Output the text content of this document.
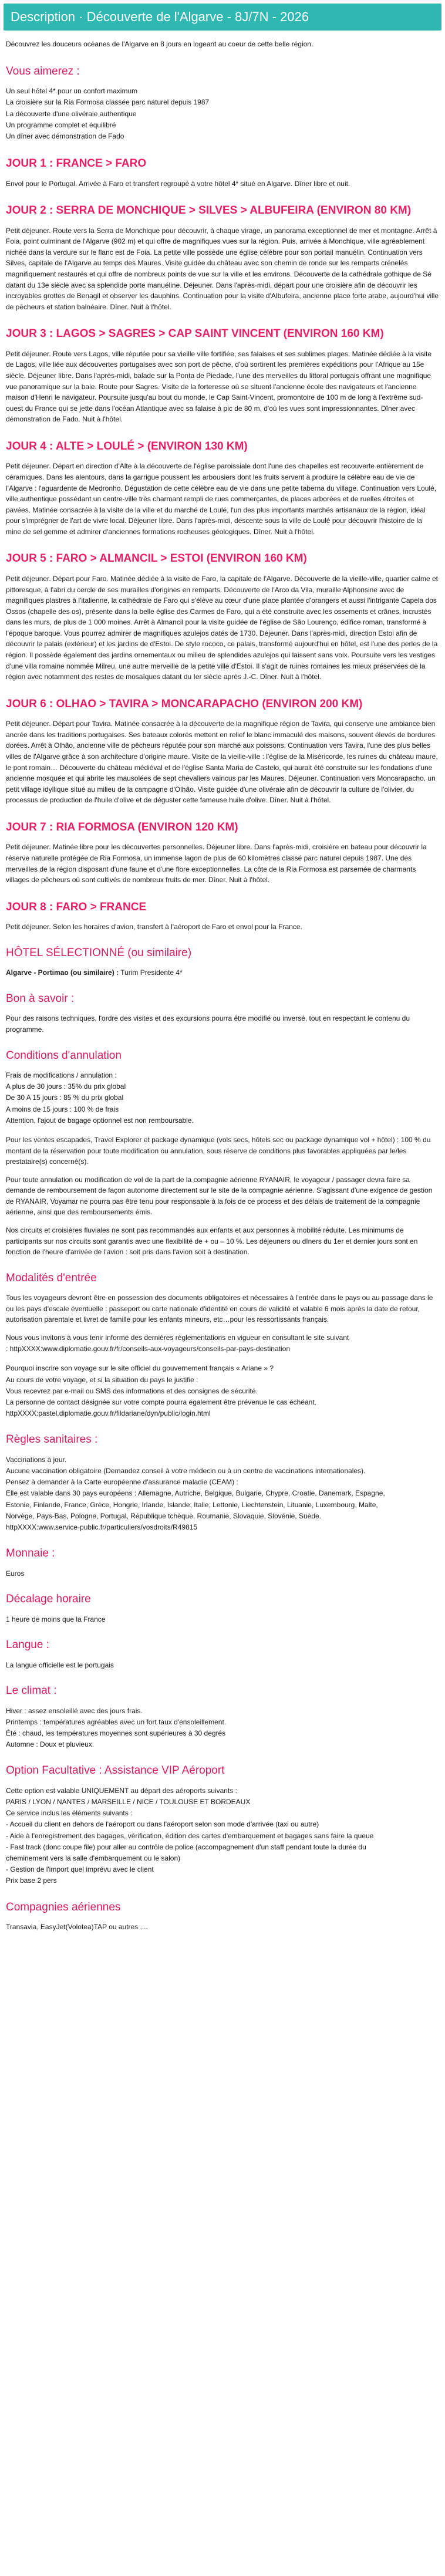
Description · Découverte de l'Algarve - 8J/7N - 2026

Découvrez les douceurs océanes de l'Algarve en 8 jours en logeant au coeur de cette belle région.

Vous aimerez :
Un seul hôtel 4* pour un confort maximum
La croisière sur la Ria Formosa classée parc naturel depuis 1987
La découverte d'une olivéraie authentique
Un programme complet et équilibré
Un dîner avec démonstration de Fado
JOUR 1 : FRANCE > FARO

Envol pour le Portugal. Arrivée à Faro et transfert regroupé à votre hôtel 4* situé en Algarve. Dîner libre et nuit.

JOUR 2 : SERRA DE MONCHIQUE > SILVES > ALBUFEIRA (ENVIRON 80 KM)

Petit déjeuner. Route vers la Serra de Monchique pour découvrir, à chaque virage, un panorama exceptionnel de mer et montagne. Arrêt à Foia, point culminant de l'Algarve (902 m) et qui offre de magnifiques vues sur la région. Puis, arrivée à Monchique, ville agréablement nichée dans la verdure sur le flanc est de Foia. La petite ville possède une église célèbre pour son portail manuélin. Continuation vers Silves, capitale de l'Algarve au temps des Maures. Visite guidée du château avec son chemin de ronde sur les remparts crénelés magnifiquement restaurés et qui offre de nombreux points de vue sur la ville et les environs. Découverte de la cathédrale gothique de Sé datant du 13e siècle avec sa splendide porte manuéline. Déjeuner. Dans l'après-midi, départ pour une croisière afin de découvrir les incroyables grottes de Benagil et observer les dauphins. Continuation pour la visite d'Albufeira, ancienne place forte arabe, aujourd'hui ville de pêcheurs et station balnéaire. Dîner. Nuit à l'hôtel.

JOUR 3 : LAGOS > SAGRES > CAP SAINT VINCENT (ENVIRON 160 KM)

Petit déjeuner. Route vers Lagos, ville réputée pour sa vieille ville fortifiée, ses falaises et ses sublimes plages. Matinée dédiée à la visite de Lagos, ville liée aux découvertes portugaises avec son port de pêche, d'où sortirent les premières expéditions pour l'Afrique au 15e siècle. Déjeuner libre. Dans l'après-midi, balade sur la Ponta de Piedade, l'une des merveilles du littoral portugais offrant une magnifique vue panoramique sur la baie. Route pour Sagres. Visite de la forteresse où se situent l'ancienne école des navigateurs et l'ancienne maison d'Henri le navigateur. Poursuite jusqu'au bout du monde, le Cap Saint-Vincent, promontoire de 100 m de long à l'extrême sud-ouest du France qui se jette dans l'océan Atlantique avec sa falaise à pic de 80 m, d'où les vues sont impressionnantes. Dîner avec démonstration de Fado. Nuit à l'hôtel.

JOUR 4 : ALTE > LOULÉ > (ENVIRON 130 KM)

Petit déjeuner. Départ en direction d'Alte à la découverte de l'église paroissiale dont l'une des chapelles est recouverte entièrement de céramiques. Dans les alentours, dans la garrigue poussent les arbousiers dont les fruits servent à produire la célèbre eau de vie de l'Algarve : l'aguardente de Medronho. Dégustation de cette célèbre eau de vie dans une petite taberna du village. Continuation vers Loulé, ville authentique possédant un centre-ville très charmant rempli de rues commerçantes, de places arborées et de ruelles étroites et pavées. Matinée consacrée à la visite de la ville et du marché de Loulé, l'un des plus importants marchés artisanaux de la région, idéal pour s'imprégner de l'art de vivre local. Déjeuner libre. Dans l'après-midi, descente sous la ville de Loulé pour découvrir l'histoire de la mine de sel gemme et admirer d'anciennes formations rocheuses géologiques. Dîner. Nuit à l'hôtel.

JOUR 5 : FARO > ALMANCIL > ESTOI (ENVIRON 160 KM)

Petit déjeuner. Départ pour Faro. Matinée dédiée à la visite de Faro, la capitale de l'Algarve. Découverte de la vieille-ville, quartier calme et pittoresque, à l'abri du cercle de ses murailles d'origines en remparts. Découverte de l'Arco da Vila, muraille Alphonsine avec de magnifiques plastres à l'italienne, la cathédrale de Faro qui s'élève au cœur d'une place plantée d'orangers et aussi l'intrigante Capela dos Ossos (chapelle des os), présente dans la belle église des Carmes de Faro, qui a été construite avec les ossements et crânes, incrustés dans les murs, de plus de 1 000 moines. Arrêt à Almancil pour la visite guidée de l'église de São Lourenço, édifice roman, transformé à l'époque baroque. Vous pourrez admirer de magnifiques azulejos datés de 1730. Déjeuner. Dans l'après-midi, direction Estoi afin de découvrir le palais (extérieur) et les jardins de d'Estoi. De style rococo, ce palais, transformé aujourd'hui en hôtel, est l'une des perles de la région. Il possède également des jardins ornementaux ou milieu de splendides azulejos qui laissent sans voix. Poursuite vers les vestiges d'une villa romaine nommée Milreu, une autre merveille de la petite ville d'Estoi. Il s'agit de ruines romaines les mieux préservées de la région avec notamment des restes de mosaïques datant du Ier siècle après J.-C. Dîner. Nuit à l'hôtel.

JOUR 6 : OLHAO > TAVIRA > MONCARAPACHO (ENVIRON 200 KM)

Petit déjeuner. Départ pour Tavira. Matinée consacrée à la découverte de la magnifique région de Tavira, qui conserve une ambiance bien ancrée dans les traditions portugaises. Ses bateaux colorés mettent en relief le blanc immaculé des maisons, souvent élevés de bordures dorées. Arrêt à Olhão, ancienne ville de pêcheurs réputée pour son marché aux poissons. Continuation vers Tavira, l'une des plus belles villes de l'Algarve grâce à son architecture d'origine maure. Visite de la vieille-ville : l'église de la Miséricorde, les ruines du château maure, le pont romain… Découverte du château médiéval et de l'église Santa Maria de Castelo, qui aurait été construite sur les fondations d'une ancienne mosquée et qui abrite les mausolées de sept chevaliers vaincus par les Maures. Déjeuner. Continuation vers Moncarapacho, un petit village idyllique situé au milieu de la campagne d'Olhão. Visite guidée d'une olivéraie afin de découvrir la culture de l'olivier, du processus de production de l'huile d'olive et de déguster cette fameuse huile d'olive. Dîner. Nuit à l'hôtel.

JOUR 7 : RIA FORMOSA (ENVIRON 120 KM)

Petit déjeuner. Matinée libre pour les découvertes personnelles. Déjeuner libre. Dans l'après-midi, croisière en bateau pour découvrir la réserve naturelle protégée de Ria Formosa, un immense lagon de plus de 60 kilomètres classé parc naturel depuis 1987. Une des merveilles de la région disposant d'une faune et d'une flore exceptionnelles. La côte de la Ria Formosa est parsemée de charmants villages de pêcheurs où sont cultivés de nombreux fruits de mer. Dîner. Nuit à l'hôtel.

JOUR 8 : FARO > FRANCE

Petit déjeuner. Selon les horaires d'avion, transfert à l'aéroport de Faro et envol pour la France.

HÔTEL SÉLECTIONNÉ (ou similaire)
Algarve - Portimao (ou similaire) : Turim Presidente 4*
Bon à savoir :

Pour des raisons techniques, l'ordre des visites et des excursions pourra être modifié ou inversé, tout en respectant le contenu du programme.

Conditions d'annulation
Frais de modifications / annulation :
A plus de 30 jours : 35% du prix global
De 30 A 15 jours : 85 % du prix global
A moins de 15 jours : 100 % de frais
Attention, l'ajout de bagage optionnel est non remboursable.

Pour les ventes escapades, Travel Explorer et package dynamique (vols secs, hôtels sec ou package dynamique vol + hôtel) : 100 % du montant de la réservation pour toute modification ou annulation, sous réserve de conditions plus favorables appliquées par le/les prestataire(s) concerné(s).

Pour toute annulation ou modification de vol de la part de la compagnie aérienne RYANAIR, le voyageur / passager devra faire sa demande de remboursement de façon autonome directement sur le site de la compagnie aérienne. S'agissant d'une exigence de gestion de RYANAIR, Voyamar ne pourra pas être tenu pour responsable à la fois de ce process et des délais de traitement de la compagnie aérienne, ainsi que des remboursements émis.

Nos circuits et croisières fluviales ne sont pas recommandés aux enfants et aux personnes à mobilité réduite. Les minimums de participants sur nos circuits sont garantis avec une flexibilité de + ou – 10 %. Les déjeuners ou dîners du 1er et dernier jours sont en fonction de l'heure d'arrivée de l'avion : soit pris dans l'avion soit à destination.

Modalités d'entrée

Tous les voyageurs devront être en possession des documents obligatoires et nécessaires à l'entrée dans le pays ou au passage dans le ou les pays d'escale éventuelle : passeport ou carte nationale d'identité en cours de validité et valable 6 mois après la date de retour, autorisation parentale et livret de famille pour les enfants mineurs, etc…pour les ressortissants français.

Nous vous invitons à vous tenir informé des dernières réglementations en vigueur en consultant le site suivant
: httpXXXX:www.diplomatie.gouv.fr/fr/conseils-aux-voyageurs/conseils-par-pays-destination
Pourquoi inscrire son voyage sur le site officiel du gouvernement français « Ariane » ?
Au cours de votre voyage, et si la situation du pays le justifie :
Vous recevrez par e-mail ou SMS des informations et des consignes de sécurité.
La personne de contact désignée sur votre compte pourra également être prévenue le cas échéant.
httpXXXX:pastel.diplomatie.gouv.fr/fildariane/dyn/public/login.html
Règles sanitaires :
Vaccinations à jour.
Aucune vaccination obligatoire (Demandez conseil à votre médecin ou à un centre de vaccinations internationales).
Pensez à demander à la Carte européenne d'assurance maladie (CEAM) :
Elle est valable dans 30 pays européens : Allemagne, Autriche, Belgique, Bulgarie, Chypre, Croatie, Danemark, Espagne,
Estonie, Finlande, France, Grèce, Hongrie, Irlande, Islande, Italie, Lettonie, Liechtenstein, Lituanie, Luxembourg, Malte,
Norvège, Pays-Bas, Pologne, Portugal, République tchèque, Roumanie, Slovaquie, Slovénie, Suède.
httpXXXX:www.service-public.fr/particuliers/vosdroits/R49815
Monnaie :

Euros

Décalage horaire

1 heure de moins que la France

Langue :

La langue officielle est le portugais

Le climat :
Hiver : assez ensoleillé avec des jours frais.
Printemps : températures agréables avec un fort taux d'ensoleillement.
Été : chaud, les températures moyennes sont supérieures à 30 degrés
Automne : Doux et pluvieux.
Option Facultative : Assistance VIP Aéroport
Cette option est valable UNIQUEMENT au départ des aéroports suivants :
PARIS / LYON / NANTES / MARSEILLE / NICE / TOULOUSE ET BORDEAUX
Ce service inclus les éléments suivants :
- Accueil du client en dehors de l'aéroport ou dans l'aéroport selon son mode d'arrivée (taxi ou autre)
- Aide à l'enregistrement des bagages, vérification, édition des cartes d'embarquement et bagages sans faire la queue
- Fast track (donc coupe file) pour aller au contrôle de police (accompagnement d'un staff pendant toute la durée du
cheminement vers la salle d'embarquement ou le salon)
- Gestion de l'import quel imprévu avec le client
Prix base 2 pers
Compagnies aériennes

Transavia, EasyJet(Volotea)TAP ou autres ....
